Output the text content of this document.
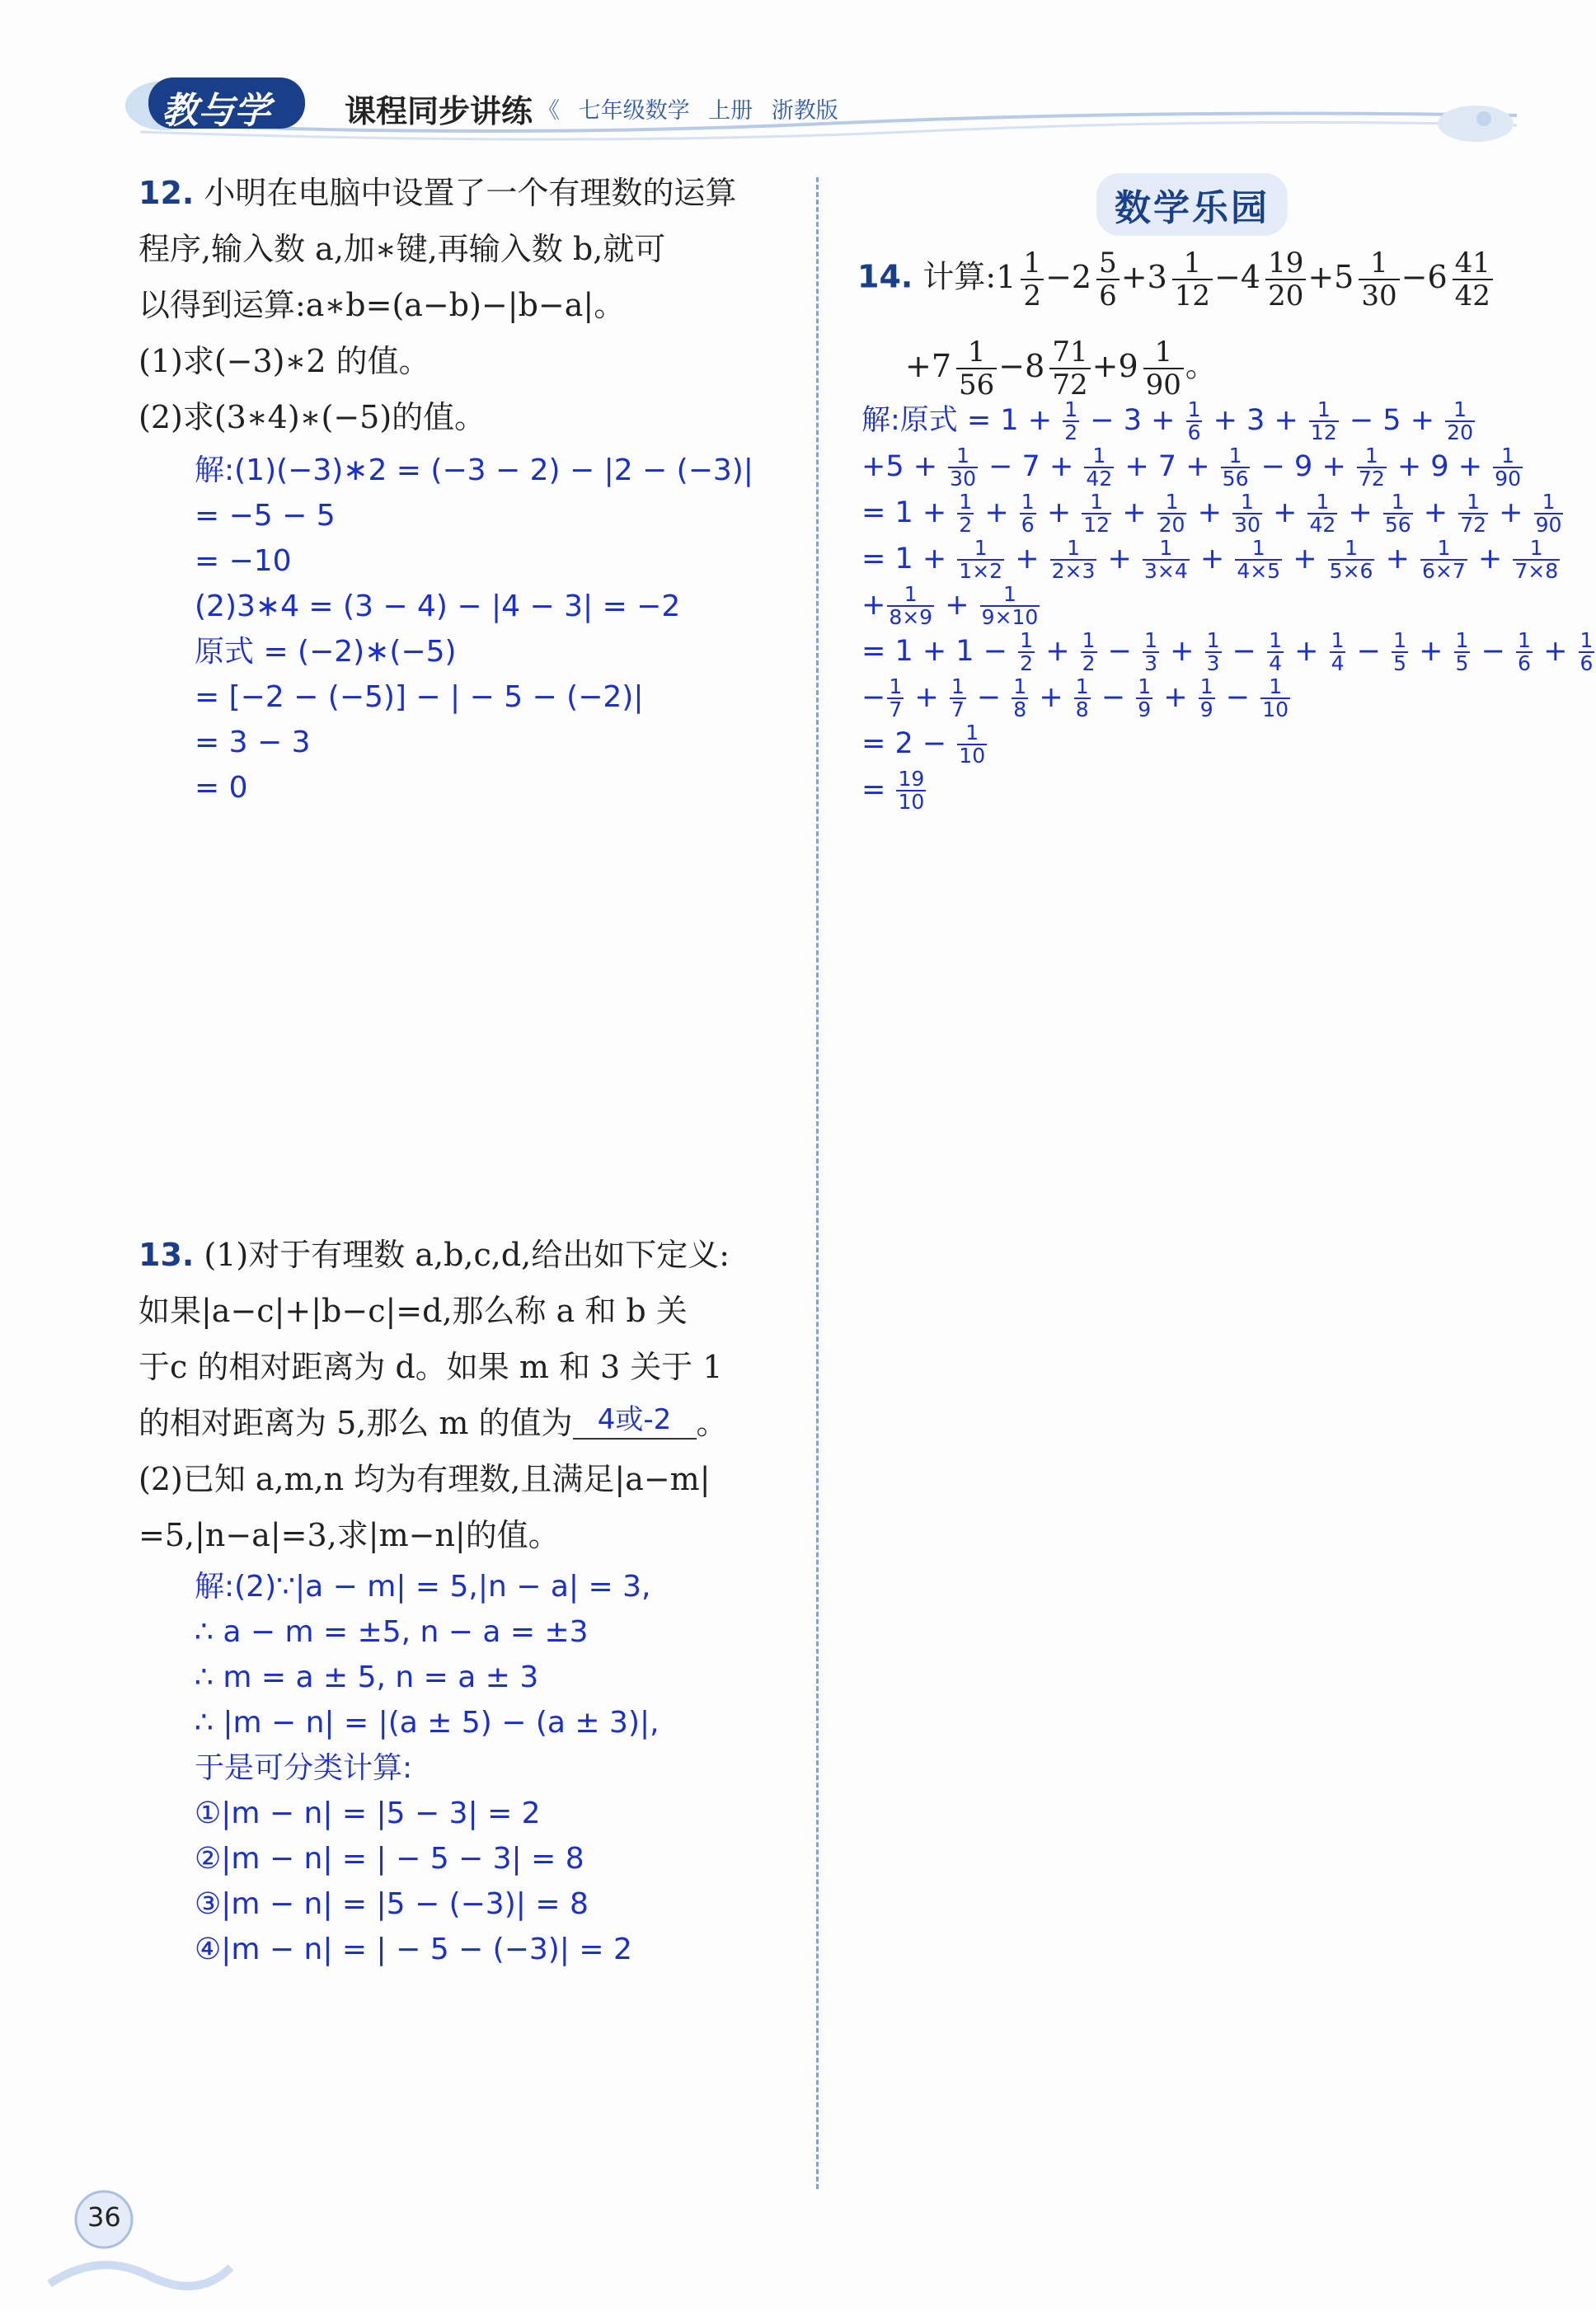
教与学 课程同步讲练 《 七年级数学 上册 浙教版
12. 小明在电脑中设置了一个有理数的运算
程序,输入数 a,加∗键,再输入数 b,就可
以得到运算:a∗b=(a−b)−|b−a|。
(1)求(−3)∗2 的值。
(2)求(3∗4)∗(−5)的值。
解:(1)(−3)∗2 = (−3 − 2) − |2 − (−3)|
= −5 − 5
= −10
(2)3∗4 = (3 − 4) − |4 − 3| = −2
原式 = (−2)∗(−5)
= [−2 − (−5)] − | − 5 − (−2)|
= 3 − 3
= 0
13. (1)对于有理数 a,b,c,d,给出如下定义:
如果|a−c|+|b−c|=d,那么称 a 和 b 关
于c 的相对距离为 d。如果 m 和 3 关于 1
的相对距离为 5,那么 m 的值为 4或-2 。
(2)已知 a,m,n 均为有理数,且满足|a−m|
=5,|n−a|=3,求|m−n|的值。
解:(2)∵|a − m| = 5,|n − a| = 3,
∴ a − m = ±5, n − a = ±3
∴ m = a ± 5, n = a ± 3
∴ |m − n| = |(a ± 5) − (a ± 3)|,
于是可分类计算:
①|m − n| = |5 − 3| = 2
②|m − n| = | − 5 − 3| = 8
③|m − n| = |5 − (−3)| = 8
④|m − n| = | − 5 − (−3)| = 2
数学乐园
14. 计算:1 $\frac{1}{2} -2 \frac{5}{6} +3 \frac{1}{12} -4 \frac{19}{20} +5 \frac{1}{30} -6 \frac{41}{42}$
$+7 \frac{1}{56} -8 \frac{71}{72} +9 \frac{1}{90}$ 。
解:原式 = $1 + \frac{1}{2} - 3 + \frac{1}{6} + 3 + \frac{1}{12} - 5 + \frac{1}{20}$
$+5 + \frac{1}{30} - 7 + \frac{1}{42} + 7 + \frac{1}{56} - 9 + \frac{1}{72} + 9 + \frac{1}{90}$
= $1 + \frac{1}{2} + \frac{1}{6} + \frac{1}{12} + \frac{1}{20} + \frac{1}{30} + \frac{1}{42} + \frac{1}{56} + \frac{1}{72} + \frac{1}{90}$
= $1 + \frac{1}{1\times 2} + \frac{1}{2\times 3} + \frac{1}{3\times 4} + \frac{1}{4\times 5} + \frac{1}{5\times 6} + \frac{1}{6\times 7} + \frac{1}{7\times 8}$
+ $\frac{1}{8\times 9} + \frac{1}{9\times 10}$
= $1 + 1 - \frac{1}{2} + \frac{1}{2} - \frac{1}{3} + \frac{1}{3} - \frac{1}{4} + \frac{1}{4} - \frac{1}{5} + \frac{1}{5} - \frac{1}{6} + \frac{1}{6}$
− $\frac{1}{7} + \frac{1}{7} - \frac{1}{8} + \frac{1}{8} - \frac{1}{9} + \frac{1}{9} - \frac{1}{10}$
= $2 - \frac{1}{10}$
= $\frac{19}{10}$
36
